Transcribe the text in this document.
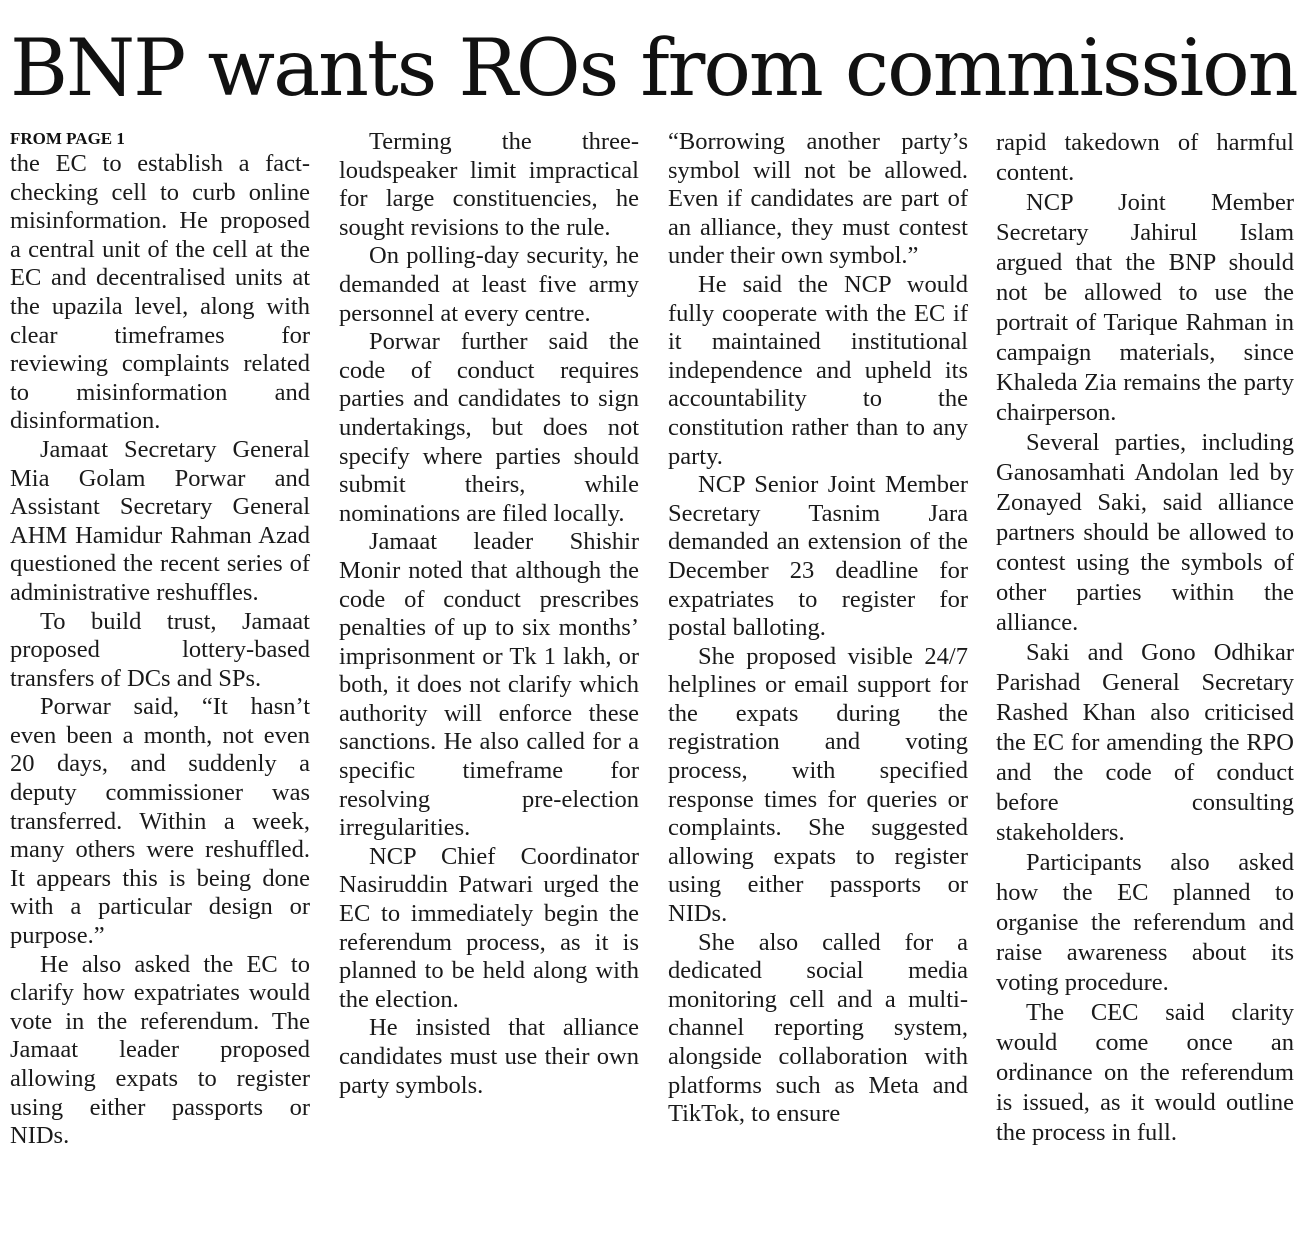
BNP wants ROs from commission
FROM PAGE 1

the EC to establish a fact-checking cell to curb online misinformation. He proposed a central unit of the cell at the EC and decentralised units at the upazila level, along with clear timeframes for reviewing complaints related to misinformation and disinformation.

Jamaat Secretary General Mia Golam Porwar and Assistant Secretary General AHM Hamidur Rahman Azad questioned the recent series of administrative reshuffles.

To build trust, Jamaat proposed lottery-based transfers of DCs and SPs.

Porwar said, “It hasn’t even been a month, not even 20 days, and suddenly a deputy commissioner was transferred. Within a week, many others were reshuffled. It appears this is being done with a particular design or purpose.”

He also asked the EC to clarify how expatriates would vote in the referendum. The Jamaat leader proposed allowing expats to register using either passports or NIDs.

Terming the three-loudspeaker limit impractical for large constituencies, he sought revisions to the rule.

On polling-day security, he demanded at least five army personnel at every centre.

Porwar further said the code of conduct requires parties and candidates to sign undertakings, but does not specify where parties should submit theirs, while nominations are filed locally.

Jamaat leader Shishir Monir noted that although the code of conduct prescribes penalties of up to six months’ imprisonment or Tk 1 lakh, or both, it does not clarify which authority will enforce these sanctions. He also called for a specific timeframe for resolving pre-election irregularities.

NCP Chief Coordinator Nasiruddin Patwari urged the EC to immediately begin the referendum process, as it is planned to be held along with the election.

He insisted that alliance candidates must use their own party symbols.

“Borrowing another party’s symbol will not be allowed. Even if candidates are part of an alliance, they must contest under their own symbol.”

He said the NCP would fully cooperate with the EC if it maintained institutional independence and upheld its accountability to the constitution rather than to any party.

NCP Senior Joint Member Secretary Tasnim Jara demanded an extension of the December 23 deadline for expatriates to register for postal balloting.

She proposed visible 24/7 helplines or email support for the expats during the registration and voting process, with specified response times for queries or complaints. She suggested allowing expats to register using either passports or NIDs.

She also called for a dedicated social media monitoring cell and a multi-channel reporting system, alongside collaboration with platforms such as Meta and TikTok, to ensure

rapid takedown of harmful content.

NCP Joint Member Secretary Jahirul Islam argued that the BNP should not be allowed to use the portrait of Tarique Rahman in campaign materials, since Khaleda Zia remains the party chairperson.

Several parties, including Ganosamhati Andolan led by Zonayed Saki, said alliance partners should be allowed to contest using the symbols of other parties within the alliance.

Saki and Gono Odhikar Parishad General Secretary Rashed Khan also criticised the EC for amending the RPO and the code of conduct before consulting stakeholders.

Participants also asked how the EC planned to organise the referendum and raise awareness about its voting procedure.

The CEC said clarity would come once an ordinance on the referendum is issued, as it would outline the process in full.
